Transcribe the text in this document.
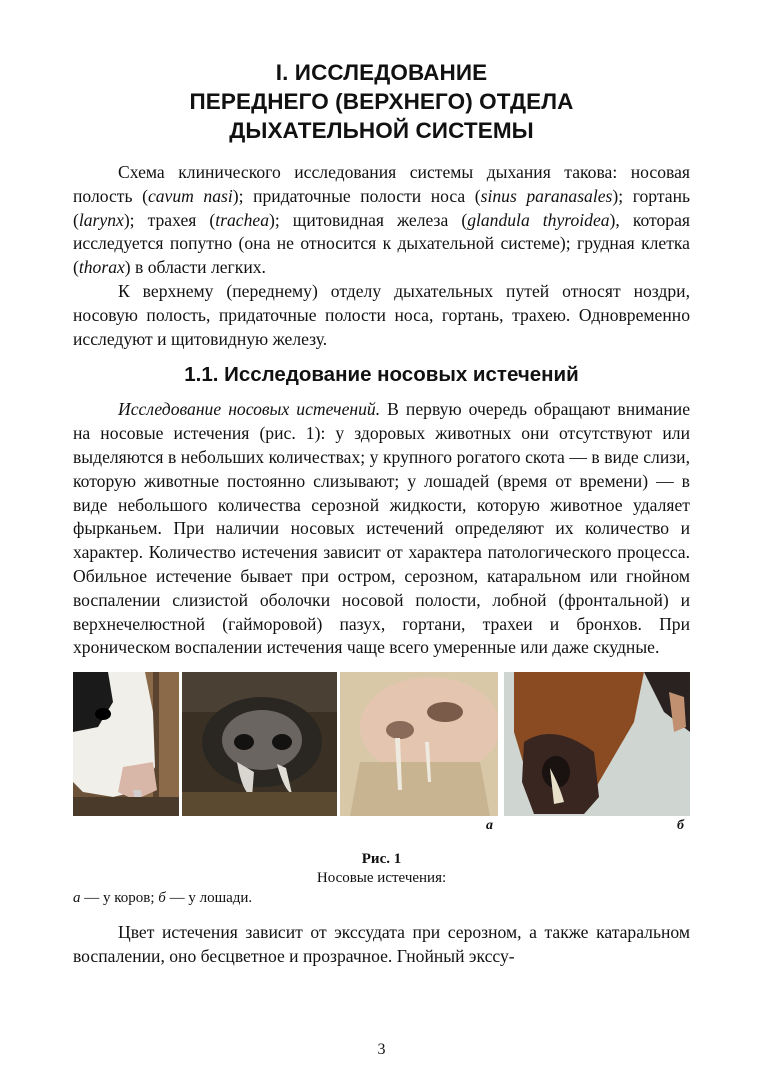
I. ИССЛЕДОВАНИЕ
ПЕРЕДНЕГО (ВЕРХНЕГО) ОТДЕЛА
ДЫХАТЕЛЬНОЙ СИСТЕМЫ

Схема клинического исследования системы дыхания такова: носовая полость (cavum nasi); придаточные полости носа (sinus paranasales); гортань (larynx); трахея (trachea); щитовидная железа (glandula thyroidea), которая исследуется попутно (она не относится к дыхательной системе); грудная клетка (thorax) в области легких.

К верхнему (переднему) отделу дыхательных путей относят ноздри, носовую полость, придаточные полости носа, гортань, трахею. Одновременно исследуют и щитовидную железу.

1.1. Исследование носовых истечений

Исследование носовых истечений. В первую очередь обращают внимание на носовые истечения (рис. 1): у здоровых животных они отсутствуют или выделяются в небольших количествах; у крупного рогатого скота — в виде слизи, которую животные постоянно слизывают; у лошадей (время от времени) — в виде небольшого количества серозной жидкости, которую животное удаляет фырканьем. При наличии носовых истечений определяют их количество и характер. Количество истечения зависит от характера патологического процесса. Обильное истечение бывает при остром, серозном, катаральном или гнойном воспалении слизистой оболочки носовой полости, лобной (фронтальной) и верхнечелюстной (гайморовой) пазух, гортани, трахеи и бронхов. При хроническом воспалении истечения чаще всего умеренные или даже скудные.

а	б
Рис. 1
Носовые истечения:
а — у коров; б — у лошади.

Цвет истечения зависит от экссудата при серозном, а также катаральном воспалении, оно бесцветное и прозрачное. Гнойный экссу-

3
